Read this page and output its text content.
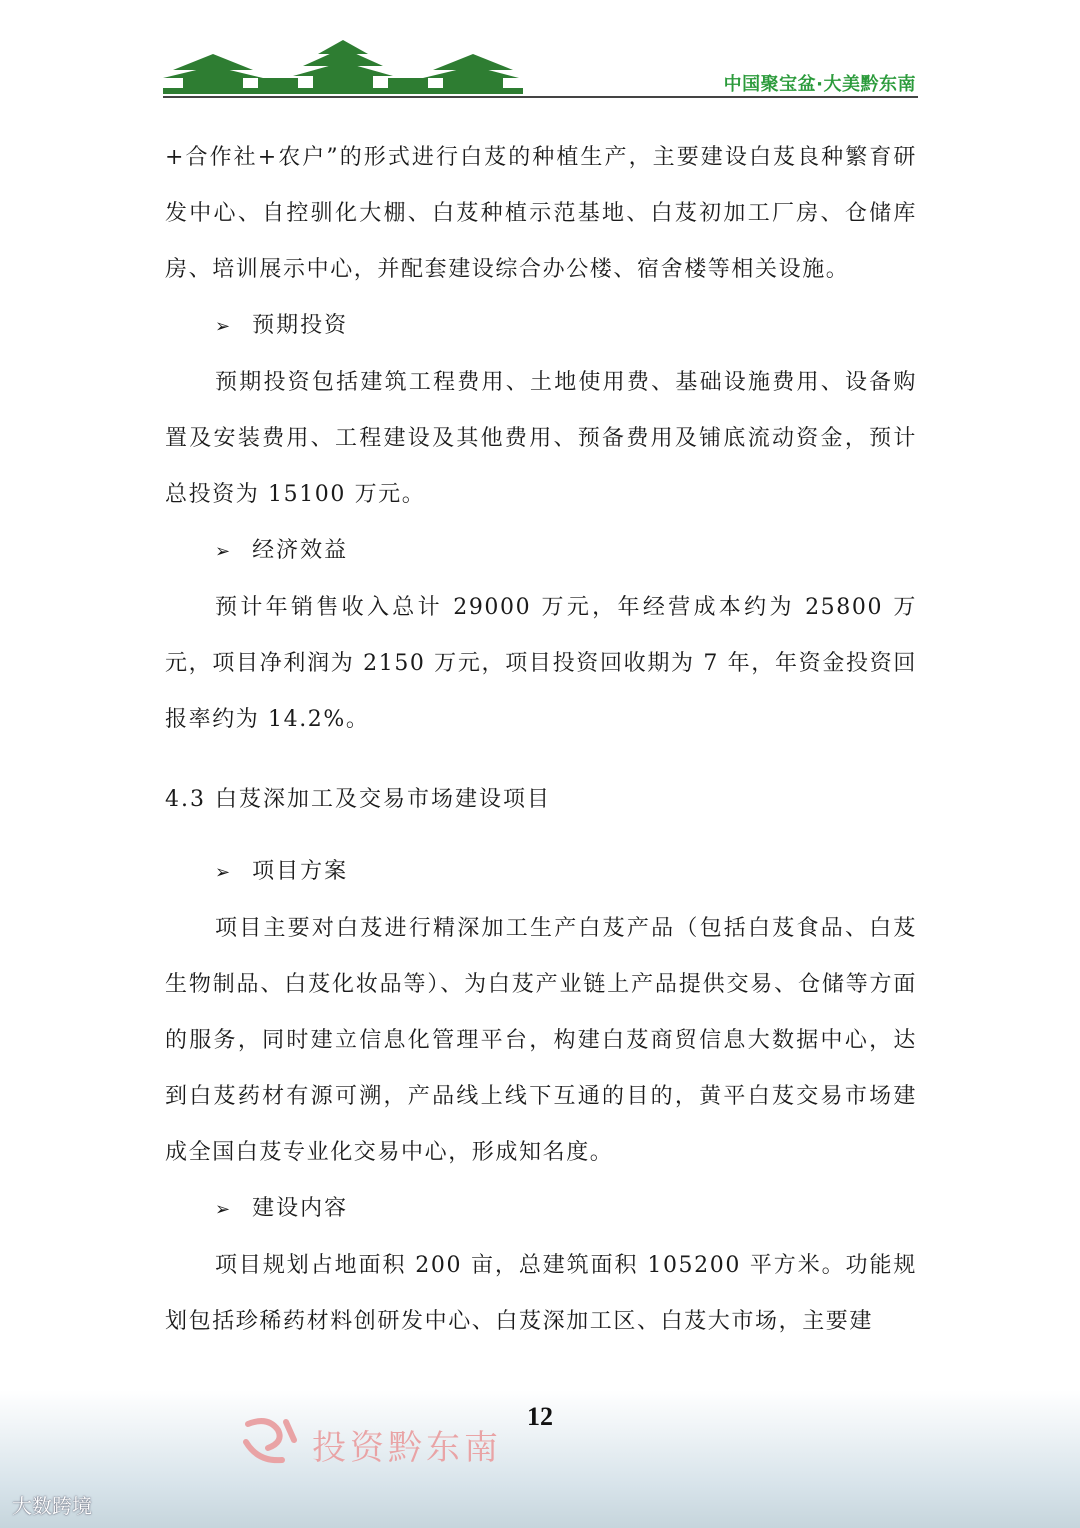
中国聚宝盆·大美黔东南

+合作社+农户”的形式进行白芨的种植生产，主要建设白芨良种繁育研发中心、自控驯化大棚、白芨种植示范基地、白芨初加工厂房、仓储库房、培训展示中心，并配套建设综合办公楼、宿舍楼等相关设施。

➢ 预期投资

预期投资包括建筑工程费用、土地使用费、基础设施费用、设备购置及安装费用、工程建设及其他费用、预备费用及铺底流动资金，预计总投资为 15100 万元。

➢ 经济效益

预计年销售收入总计 29000 万元，年经营成本约为 25800 万元，项目净利润为 2150 万元，项目投资回收期为 7 年，年资金投资回报率约为 14.2%。

4.3 白芨深加工及交易市场建设项目

➢ 项目方案

项目主要对白芨进行精深加工生产白芨产品（包括白芨食品、白芨生物制品、白芨化妆品等）、为白芨产业链上产品提供交易、仓储等方面的服务，同时建立信息化管理平台，构建白芨商贸信息大数据中心，达到白芨药材有源可溯，产品线上线下互通的目的，黄平白芨交易市场建成全国白芨专业化交易中心，形成知名度。

➢ 建设内容

项目规划占地面积 200 亩，总建筑面积 105200 平方米。功能规划包括珍稀药材料创研发中心、白芨深加工区、白芨大市场，主要建

12
投资黔东南
大数跨境
